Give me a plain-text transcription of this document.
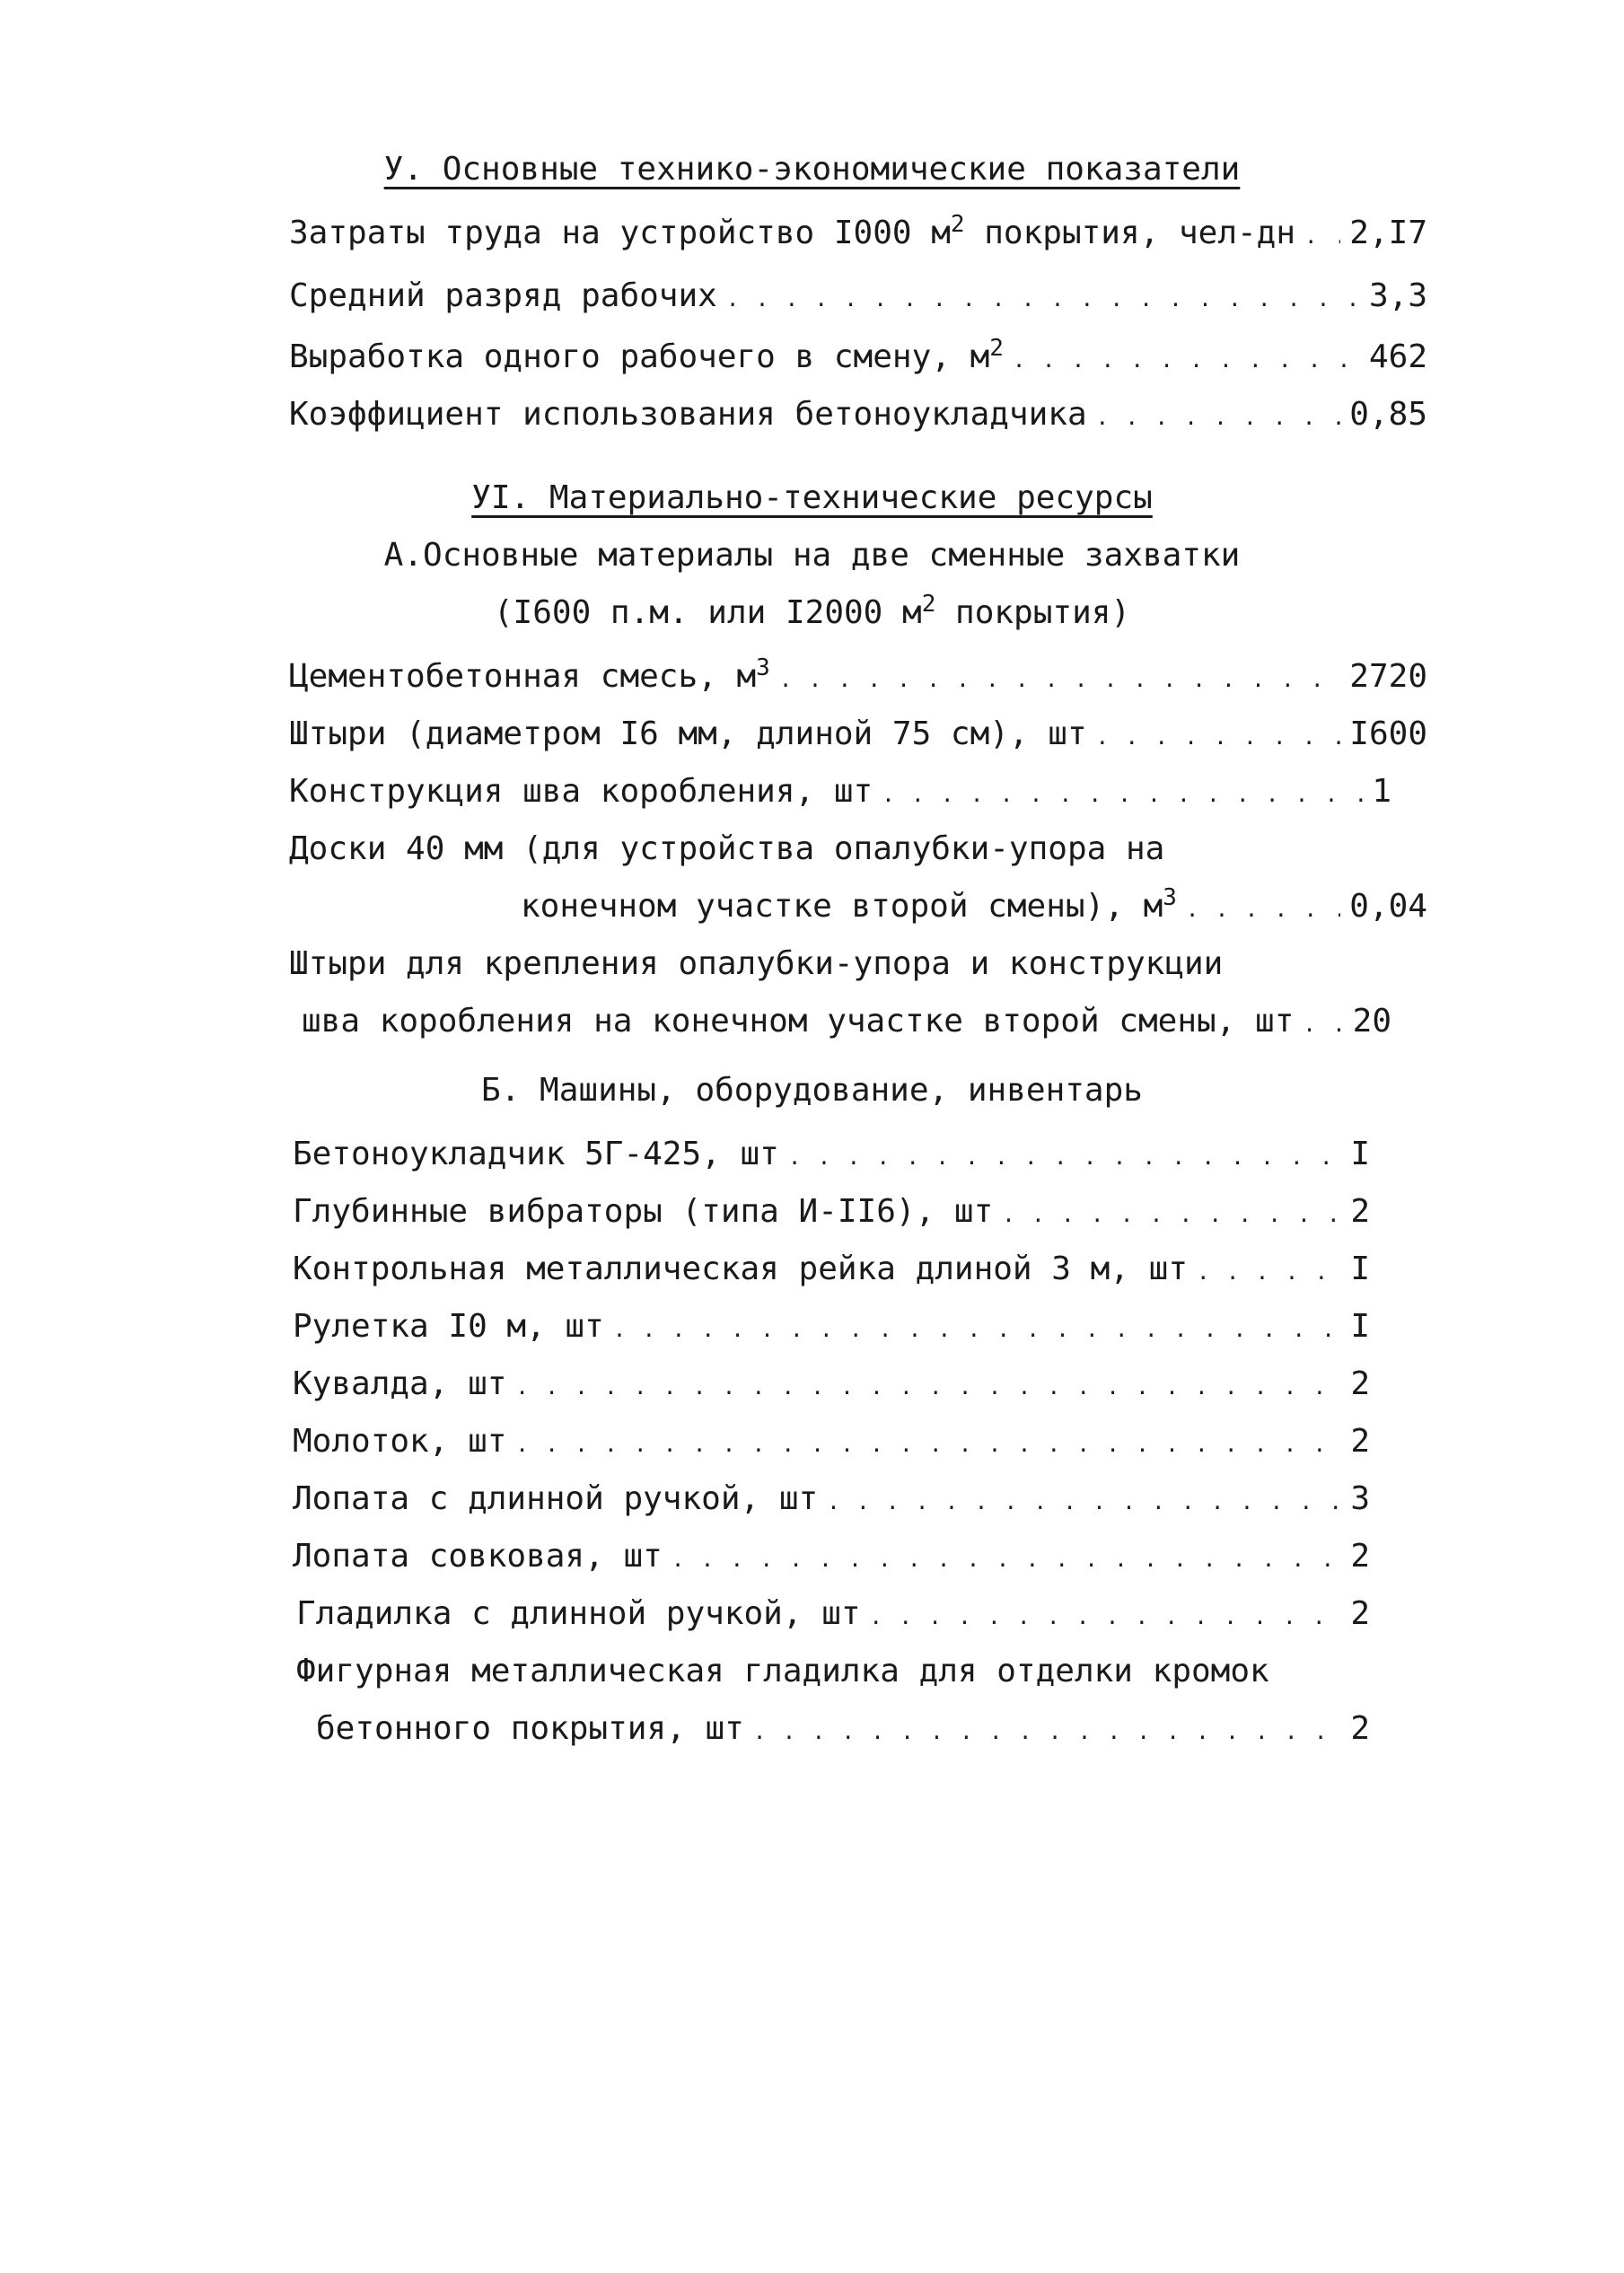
У. Основные технико-экономические показатели
Затраты труда на устройство I000 $м^2$ покрытия, чел-дн . . . 2,I7
Средний разряд рабочих . . .	3,3
Выработка одного рабочего в смену, $м^2$ . . .	462
Коэффициент использования бетоноукладчика . . .	0,85
УI. Материально-технические ресурсы
А.Основные материалы на две сменные захватки
(I600 п.м. или I2000 $м^2$ покрытия)
Цементобетонная смесь, $м^3$ . . .	2720
Штыри (диаметром I6 мм, длиной 75 см), шт . . .	I600
Конструкция шва коробления, шт . . .	1
Доски 40 мм (для устройства опалубки-упора на
конечном участке второй смены), $м^3$ . . .	0,04
Штыри для крепления опалубки-упора и конструкции
шва коробления на конечном участке второй смены, шт . . . 20
Б. Машины, оборудование, инвентарь
Бетоноукладчик 5Г-425, шт . . .	I
Глубинные вибраторы (типа И-II6), шт . . .	2
Контрольная металлическая рейка длиной 3 м, шт . . .	I
Рулетка I0 м, шт . . .	I
Кувалда, шт . . .	2
Молоток, шт . . .	2
Лопата с длинной ручкой, шт . . .	3
Лопата совковая, шт . . .	2
Гладилка с длинной ручкой, шт . . .	2
Фигурная металлическая гладилка для отделки кромок
бетонного покрытия, шт . . .	2
